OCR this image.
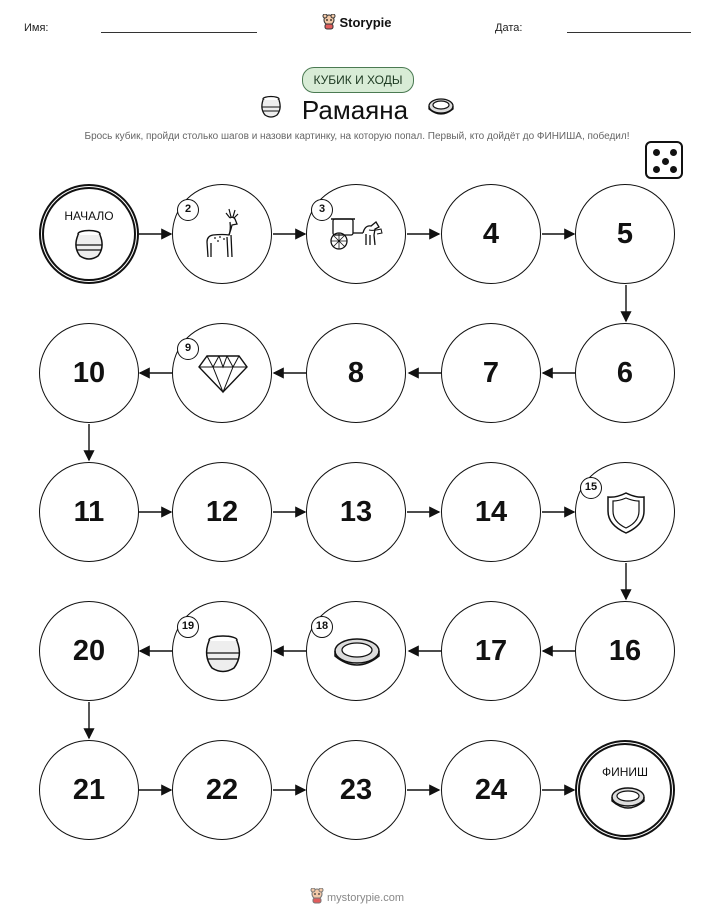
Имя:	Storypie	Дата:
КУБИК И ХОДЫ
Рамаяна
Брось кубик, пройди столько шагов и назови картинку, на которую попал. Первый, кто дойдёт до ФИНИША, победил!
НАЧАЛО	2	3
4	5
10
9
8	7	6
11	12	13	14
15
20
19	18
17	16
21	22	23	24
ФИНИШ
mystorypie.com
